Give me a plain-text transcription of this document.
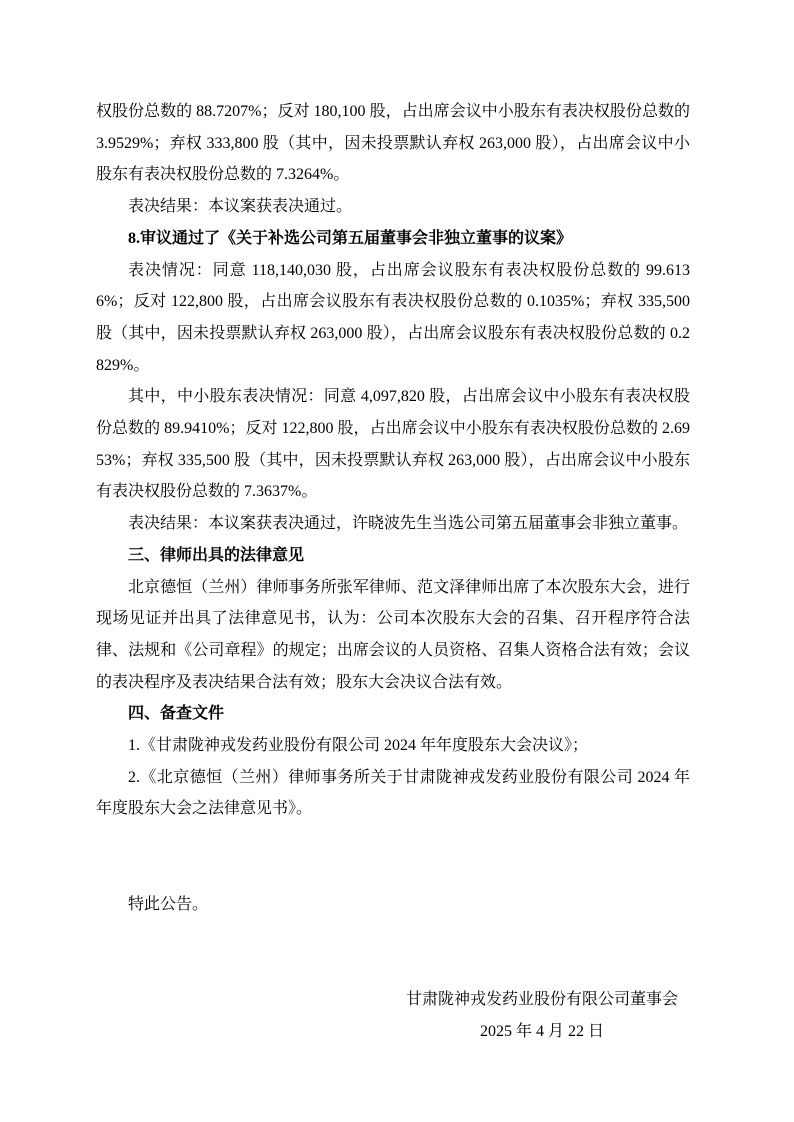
权股份总数的 88.7207%；反对 180,100 股，占出席会议中小股东有表决权股份总数的 3.9529%；弃权 333,800 股（其中，因未投票默认弃权 263,000 股），占出席会议中小股东有表决权股份总数的 7.3264%。

表决结果：本议案获表决通过。

8.审议通过了《关于补选公司第五届董事会非独立董事的议案》

表决情况：同意 118,140,030 股，占出席会议股东有表决权股份总数的 99.6136%；反对 122,800 股，占出席会议股东有表决权股份总数的 0.1035%；弃权 335,500 股（其中，因未投票默认弃权 263,000 股），占出席会议股东有表决权股份总数的 0.2829%。

其中，中小股东表决情况：同意 4,097,820 股，占出席会议中小股东有表决权股份总数的 89.9410%；反对 122,800 股，占出席会议中小股东有表决权股份总数的 2.6953%；弃权 335,500 股（其中，因未投票默认弃权 263,000 股），占出席会议中小股东有表决权股份总数的 7.3637%。

表决结果：本议案获表决通过，许晓波先生当选公司第五届董事会非独立董事。

三、律师出具的法律意见

北京德恒（兰州）律师事务所张军律师、范文泽律师出席了本次股东大会，进行现场见证并出具了法律意见书，认为：公司本次股东大会的召集、召开程序符合法律、法规和《公司章程》的规定；出席会议的人员资格、召集人资格合法有效；会议的表决程序及表决结果合法有效；股东大会决议合法有效。

四、备查文件

1.《甘肃陇神戎发药业股份有限公司 2024 年年度股东大会决议》；

2.《北京德恒（兰州）律师事务所关于甘肃陇神戎发药业股份有限公司 2024 年年度股东大会之法律意见书》。

特此公告。

甘肃陇神戎发药业股份有限公司董事会
2025 年 4 月 22 日
